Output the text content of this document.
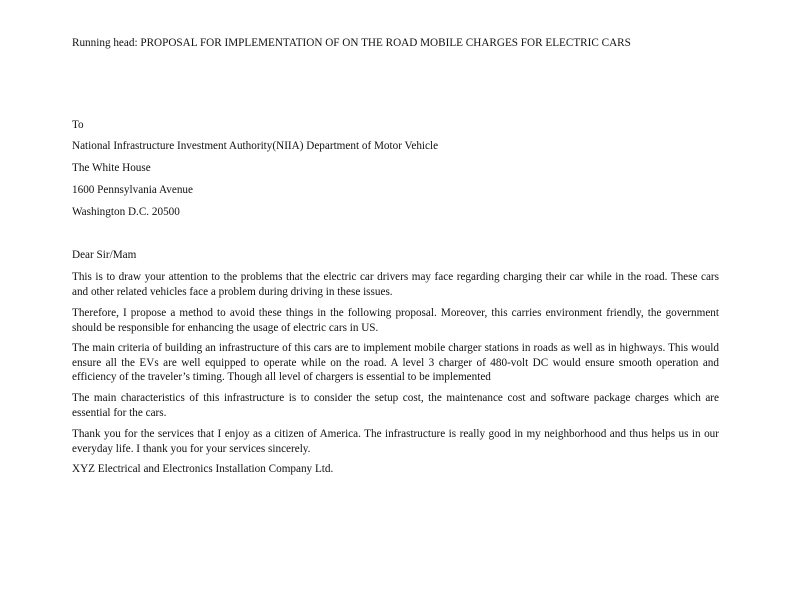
Running head: PROPOSAL FOR IMPLEMENTATION OF ON THE ROAD MOBILE CHARGES FOR ELECTRIC CARS
To
National Infrastructure Investment Authority(NIIA) Department of Motor Vehicle
The White House
1600 Pennsylvania Avenue
Washington D.C. 20500
Dear Sir/Mam
This is to draw your attention to the problems that the electric car drivers may face regarding charging their car while in the road. These cars and other related vehicles face a problem during driving in these issues.
Therefore, I propose a method to avoid these things in the following proposal. Moreover, this carries environment friendly, the government should be responsible for enhancing the usage of electric cars in US.
The main criteria of building an infrastructure of this cars are to implement mobile charger stations in roads as well as in highways. This would ensure all the EVs are well equipped to operate while on the road. A level 3 charger of 480-volt DC would ensure smooth operation and efficiency of the traveler’s timing. Though all level of chargers is essential to be implemented
The main characteristics of this infrastructure is to consider the setup cost, the maintenance cost and software package charges which are essential for the cars.
Thank you for the services that I enjoy as a citizen of America. The infrastructure is really good in my neighborhood and thus helps us in our everyday life. I thank you for your services sincerely.
XYZ Electrical and Electronics Installation Company Ltd.
